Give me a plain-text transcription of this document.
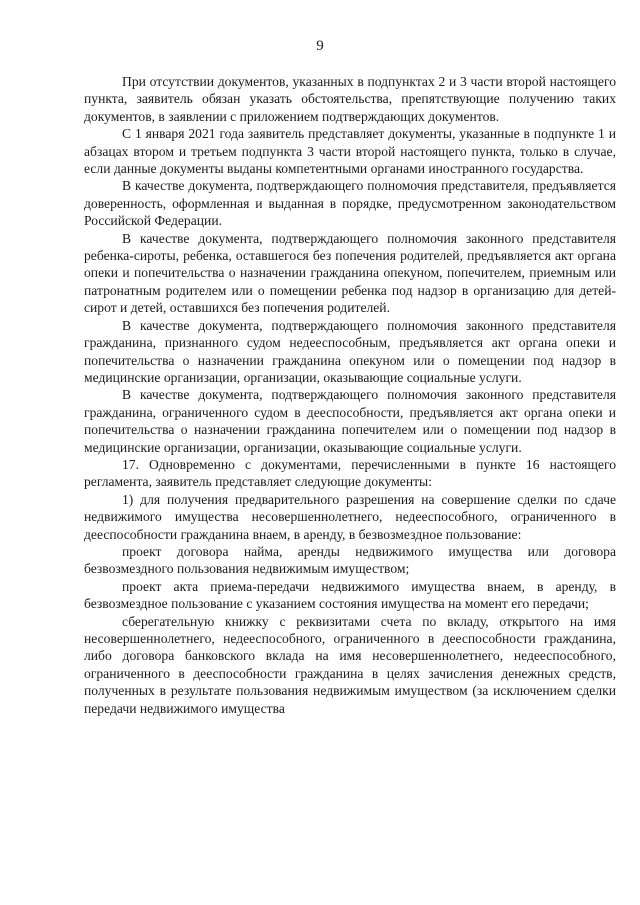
9

При отсутствии документов, указанных в подпунктах 2 и 3 части второй настоящего пункта, заявитель обязан указать обстоятельства, препятствующие получению таких документов, в заявлении с приложением подтверждающих документов.

С 1 января 2021 года заявитель представляет документы, указанные в подпункте 1 и абзацах втором и третьем подпункта 3 части второй настоящего пункта, только в случае, если данные документы выданы компетентными органами иностранного государства.

В качестве документа, подтверждающего полномочия представителя, предъявляется доверенность, оформленная и выданная в порядке, предусмотренном законодательством Российской Федерации.

В качестве документа, подтверждающего полномочия законного представителя ребенка-сироты, ребенка, оставшегося без попечения родителей, предъявляется акт органа опеки и попечительства о назначении гражданина опекуном, попечителем, приемным или патронатным родителем или о помещении ребенка под надзор в организацию для детей-сирот и детей, оставшихся без попечения родителей.

В качестве документа, подтверждающего полномочия законного представителя гражданина, признанного судом недееспособным, предъявляется акт органа опеки и попечительства о назначении гражданина опекуном или о помещении под надзор в медицинские организации, организации, оказывающие социальные услуги.

В качестве документа, подтверждающего полномочия законного представителя гражданина, ограниченного судом в дееспособности, предъявляется акт органа опеки и попечительства о назначении гражданина попечителем или о помещении под надзор в медицинские организации, организации, оказывающие социальные услуги.

17. Одновременно с документами, перечисленными в пункте 16 настоящего регламента, заявитель представляет следующие документы:

1) для получения предварительного разрешения на совершение сделки по сдаче недвижимого имущества несовершеннолетнего, недееспособного, ограниченного в дееспособности гражданина внаем, в аренду, в безвозмездное пользование:

проект договора найма, аренды недвижимого имущества или договора безвозмездного пользования недвижимым имуществом;

проект акта приема-передачи недвижимого имущества внаем, в аренду, в безвозмездное пользование с указанием состояния имущества на момент его передачи;

сберегательную книжку с реквизитами счета по вкладу, открытого на имя несовершеннолетнего, недееспособного, ограниченного в дееспособности гражданина, либо договора банковского вклада на имя несовершеннолетнего, недееспособного, ограниченного в дееспособности гражданина в целях зачисления денежных средств, полученных в результате пользования недвижимым имуществом (за исключением сделки передачи недвижимого имущества
